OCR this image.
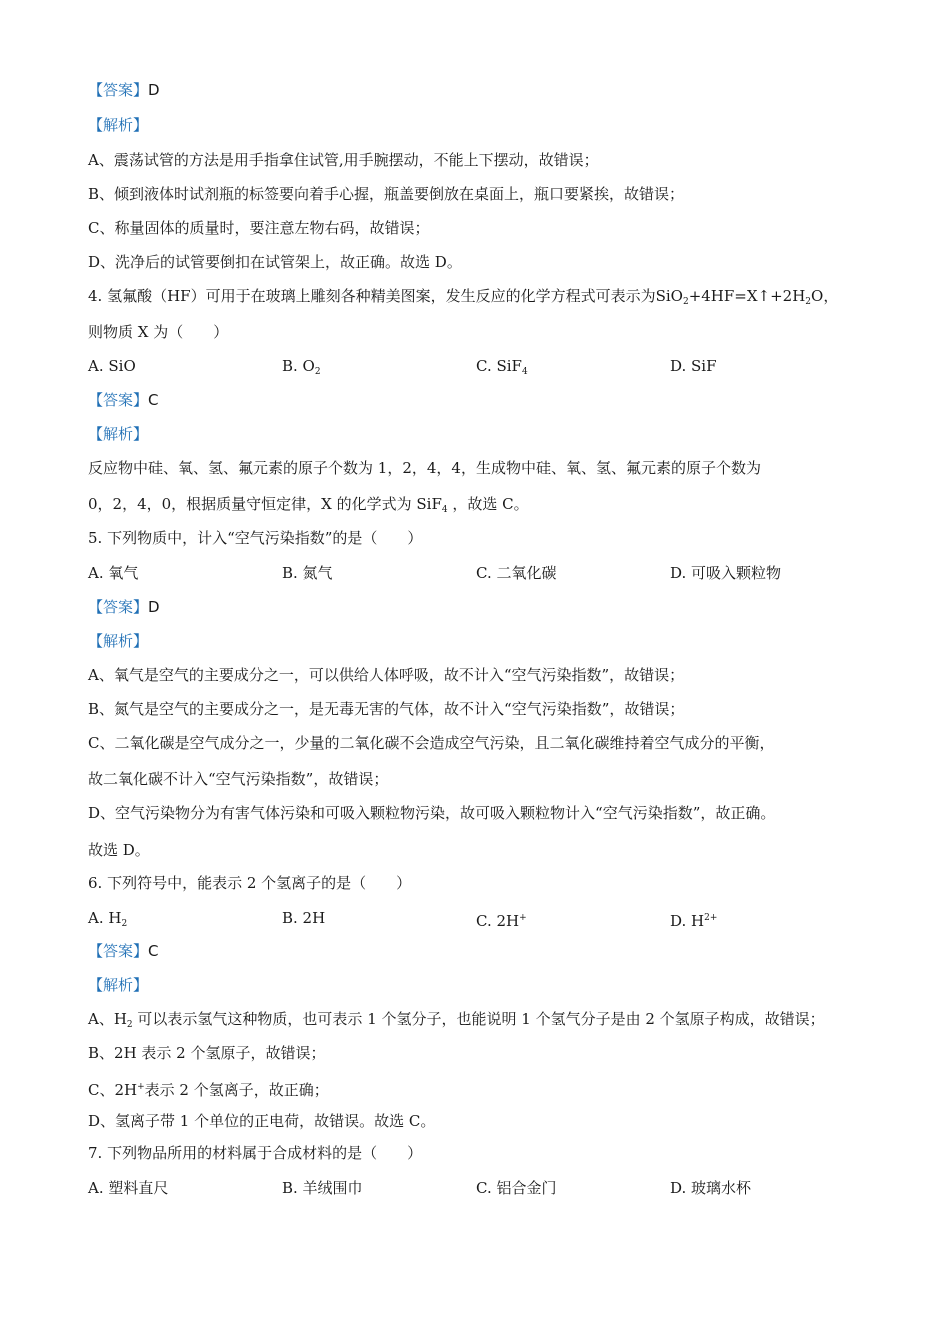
【答案】D
【解析】
A、震荡试管的方法是用手指拿住试管,用手腕摆动，不能上下摆动，故错误；
B、倾到液体时试剂瓶的标签要向着手心握，瓶盖要倒放在桌面上，瓶口要紧挨，故错误；
C、称量固体的质量时，要注意左物右码，故错误；
D、洗净后的试管要倒扣在试管架上，故正确。故选 D。
4. 氢氟酸（HF）可用于在玻璃上雕刻各种精美图案，发生反应的化学方程式可表示为$SiO_2+4HF=X↑+2H_2O$，
则物质 X 为（　　）
A. SiO	B. $O_2$	C. SiF$_4$	D. SiF
【答案】C
【解析】
反应物中硅、氧、氢、氟元素的原子个数为 1，2，4，4，生成物中硅、氧、氢、氟元素的原子个数为
0，2，4，0，根据质量守恒定律，X 的化学式为 SiF$_4$ ，故选 C。
5. 下列物质中，计入“空气污染指数”的是（　　）
A. 氧气	B. 氮气	C. 二氧化碳	D. 可吸入颗粒物
【答案】D
【解析】
A、氧气是空气的主要成分之一，可以供给人体呼吸，故不计入“空气污染指数”，故错误；
B、氮气是空气的主要成分之一，是无毒无害的气体，故不计入“空气污染指数”，故错误；
C、二氧化碳是空气成分之一，少量的二氧化碳不会造成空气污染，且二氧化碳维持着空气成分的平衡，
故二氧化碳不计入“空气污染指数”，故错误；
D、空气污染物分为有害气体污染和可吸入颗粒物污染，故可吸入颗粒物计入“空气污染指数”，故正确。
故选 D。
6. 下列符号中，能表示 2 个氢离子的是（　　）
A. $H_2$	B. 2H	C. 2H+	D. $H^{2+}$
【答案】C
【解析】
A、$H_2$ 可以表示氢气这种物质，也可表示 1 个氢分子，也能说明 1 个氢气分子是由 2 个氢原子构成，故错误；
B、2H 表示 2 个氢原子，故错误；
C、2H+表示 2 个氢离子，故正确；
D、氢离子带 1 个单位的正电荷，故错误。故选 C。
7. 下列物品所用的材料属于合成材料的是（　　）
A. 塑料直尺	B. 羊绒围巾	C. 铝合金门	D. 玻璃水杯
